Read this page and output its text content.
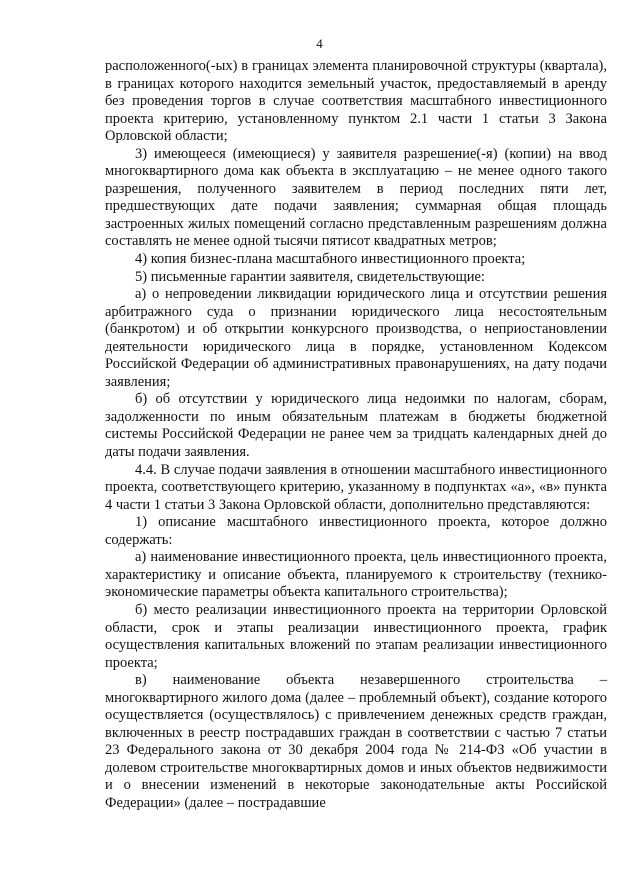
4

расположенного(-ых) в границах элемента планировочной структуры (квартала), в границах которого находится земельный участок, предоставляемый в аренду без проведения торгов в случае соответствия масштабного инвестиционного проекта критерию, установленному пунктом 2.1 части 1 статьи 3 Закона Орловской области;

3) имеющееся (имеющиеся) у заявителя разрешение(-я) (копии) на ввод многоквартирного дома как объекта в эксплуатацию – не менее одного такого разрешения, полученного заявителем в период последних пяти лет, предшествующих дате подачи заявления; суммарная общая площадь застроенных жилых помещений согласно представленным разрешениям должна составлять не менее одной тысячи пятисот квадратных метров;

4) копия бизнес-плана масштабного инвестиционного проекта;

5) письменные гарантии заявителя, свидетельствующие:

а) о непроведении ликвидации юридического лица и отсутствии решения арбитражного суда о признании юридического лица несостоятельным (банкротом) и об открытии конкурсного производства, о неприостановлении деятельности юридического лица в порядке, установленном Кодексом Российской Федерации об административных правонарушениях, на дату подачи заявления;

б) об отсутствии у юридического лица недоимки по налогам, сборам, задолженности по иным обязательным платежам в бюджеты бюджетной системы Российской Федерации не ранее чем за тридцать календарных дней до даты подачи заявления.

4.4. В случае подачи заявления в отношении масштабного инвестиционного проекта, соответствующего критерию, указанному в подпунктах «а», «в» пункта 4 части 1 статьи 3 Закона Орловской области, дополнительно представляются:

1) описание масштабного инвестиционного проекта, которое должно содержать:

а) наименование инвестиционного проекта, цель инвестиционного проекта, характеристику и описание объекта, планируемого к строительству (технико-экономические параметры объекта капитального строительства);

б) место реализации инвестиционного проекта на территории Орловской области, срок и этапы реализации инвестиционного проекта, график осуществления капитальных вложений по этапам реализации инвестиционного проекта;

в) наименование объекта незавершенного строительства – многоквартирного жилого дома (далее – проблемный объект), создание которого осуществляется (осуществлялось) с привлечением денежных средств граждан, включенных в реестр пострадавших граждан в соответствии с частью 7 статьи 23 Федерального закона от 30 декабря 2004 года № 214-ФЗ «Об участии в долевом строительстве многоквартирных домов и иных объектов недвижимости и о внесении изменений в некоторые законодательные акты Российской Федерации» (далее – пострадавшие
